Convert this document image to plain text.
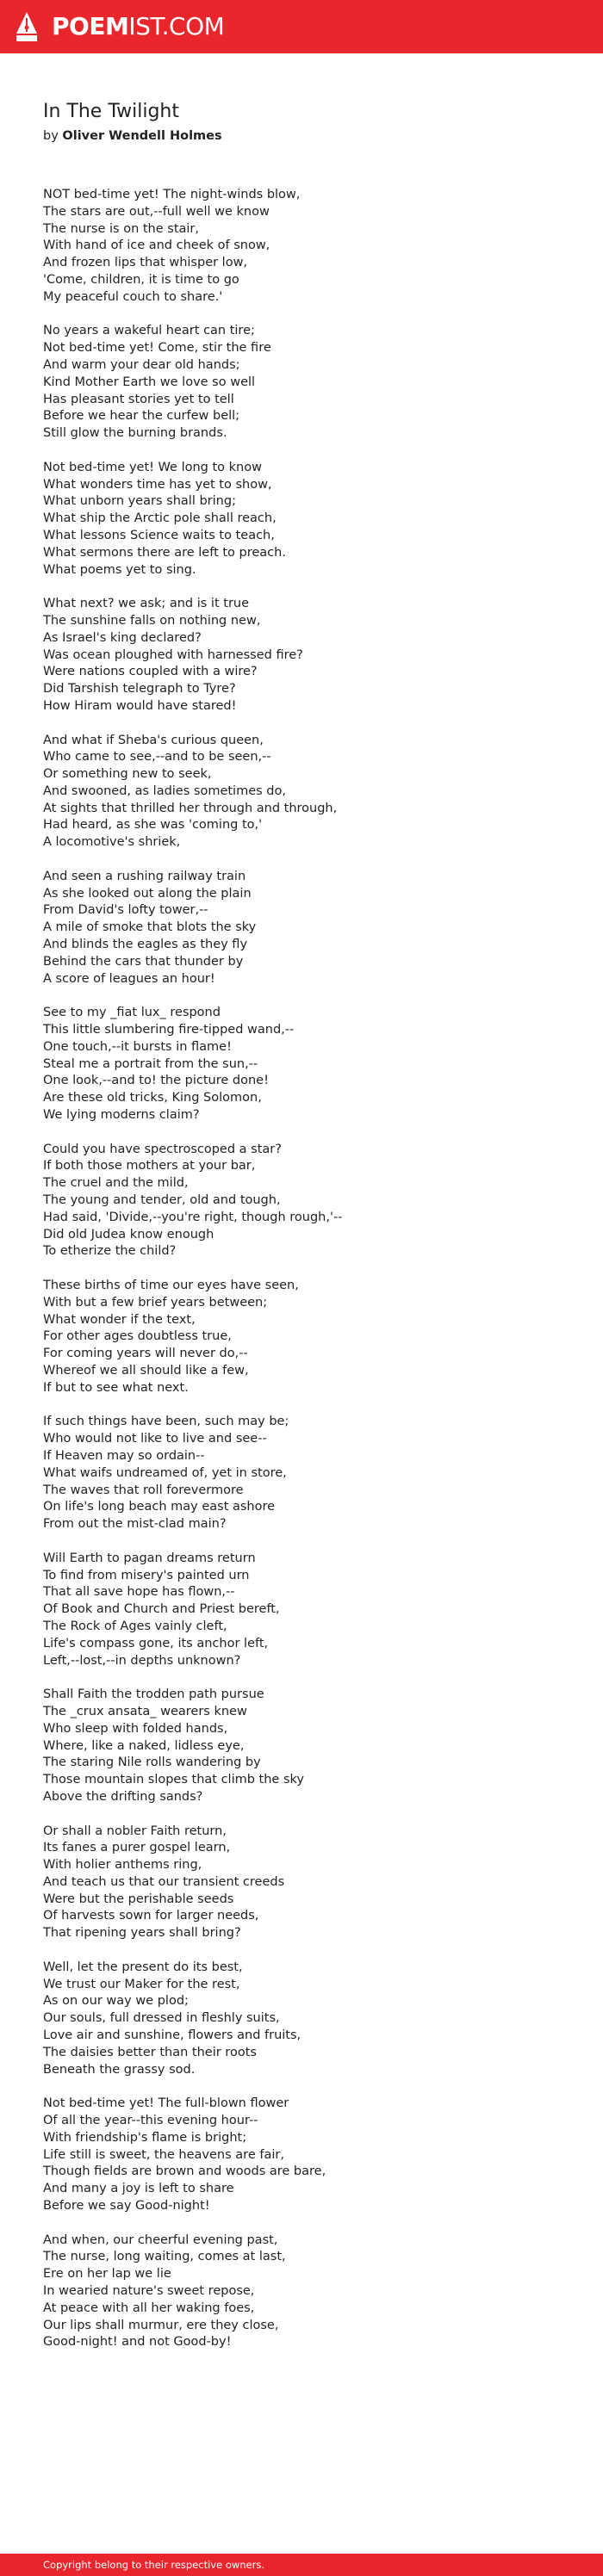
POEMIST.COM
In The Twilight
by Oliver Wendell Holmes
NOT bed-time yet! The night-winds blow,
The stars are out,--full well we know
The nurse is on the stair,
With hand of ice and cheek of snow,
And frozen lips that whisper low,
'Come, children, it is time to go
My peaceful couch to share.'
No years a wakeful heart can tire;
Not bed-time yet! Come, stir the fire
And warm your dear old hands;
Kind Mother Earth we love so well
Has pleasant stories yet to tell
Before we hear the curfew bell;
Still glow the burning brands.
Not bed-time yet! We long to know
What wonders time has yet to show,
What unborn years shall bring;
What ship the Arctic pole shall reach,
What lessons Science waits to teach,
What sermons there are left to preach.
What poems yet to sing.
What next? we ask; and is it true
The sunshine falls on nothing new,
As Israel's king declared?
Was ocean ploughed with harnessed fire?
Were nations coupled with a wire?
Did Tarshish telegraph to Tyre?
How Hiram would have stared!
And what if Sheba's curious queen,
Who came to see,--and to be seen,--
Or something new to seek,
And swooned, as ladies sometimes do,
At sights that thrilled her through and through,
Had heard, as she was 'coming to,'
A locomotive's shriek,
And seen a rushing railway train
As she looked out along the plain
From David's lofty tower,--
A mile of smoke that blots the sky
And blinds the eagles as they fly
Behind the cars that thunder by
A score of leagues an hour!
See to my _fiat lux_ respond
This little slumbering fire-tipped wand,--
One touch,--it bursts in flame!
Steal me a portrait from the sun,--
One look,--and to! the picture done!
Are these old tricks, King Solomon,
We lying moderns claim?
Could you have spectroscoped a star?
If both those mothers at your bar,
The cruel and the mild,
The young and tender, old and tough,
Had said, 'Divide,--you're right, though rough,'--
Did old Judea know enough
To etherize the child?
These births of time our eyes have seen,
With but a few brief years between;
What wonder if the text,
For other ages doubtless true,
For coming years will never do,--
Whereof we all should like a few,
If but to see what next.
If such things have been, such may be;
Who would not like to live and see--
If Heaven may so ordain--
What waifs undreamed of, yet in store,
The waves that roll forevermore
On life's long beach may east ashore
From out the mist-clad main?
Will Earth to pagan dreams return
To find from misery's painted urn
That all save hope has flown,--
Of Book and Church and Priest bereft,
The Rock of Ages vainly cleft,
Life's compass gone, its anchor left,
Left,--lost,--in depths unknown?
Shall Faith the trodden path pursue
The _crux ansata_ wearers knew
Who sleep with folded hands,
Where, like a naked, lidless eye,
The staring Nile rolls wandering by
Those mountain slopes that climb the sky
Above the drifting sands?
Or shall a nobler Faith return,
Its fanes a purer gospel learn,
With holier anthems ring,
And teach us that our transient creeds
Were but the perishable seeds
Of harvests sown for larger needs,
That ripening years shall bring?
Well, let the present do its best,
We trust our Maker for the rest,
As on our way we plod;
Our souls, full dressed in fleshly suits,
Love air and sunshine, flowers and fruits,
The daisies better than their roots
Beneath the grassy sod.
Not bed-time yet! The full-blown flower
Of all the year--this evening hour--
With friendship's flame is bright;
Life still is sweet, the heavens are fair,
Though fields are brown and woods are bare,
And many a joy is left to share
Before we say Good-night!
And when, our cheerful evening past,
The nurse, long waiting, comes at last,
Ere on her lap we lie
In wearied nature's sweet repose,
At peace with all her waking foes,
Our lips shall murmur, ere they close,
Good-night! and not Good-by!
Copyright belong to their respective owners.
